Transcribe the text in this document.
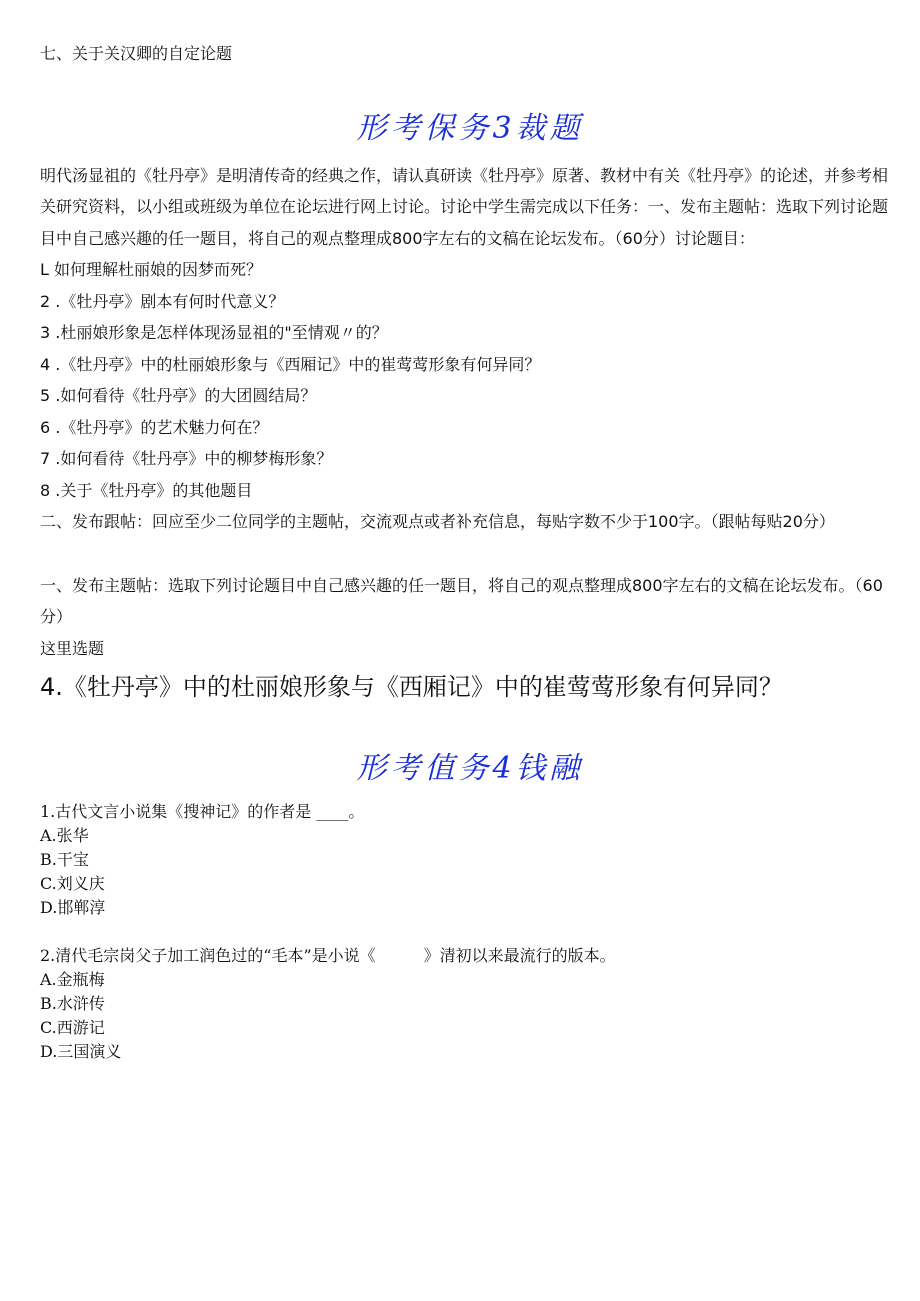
七、关于关汉卿的自定论题
形考保务3裁题
明代汤显祖的《牡丹亭》是明清传奇的经典之作，请认真研读《牡丹亭》原著、教材中有关《牡丹亭》的论述，并参考相关研究资料，以小组或班级为单位在论坛进行网上讨论。讨论中学生需完成以下任务：一、发布主题帖：选取下列讨论题目中自己感兴趣的任一题目，将自己的观点整理成800字左右的文稿在论坛发布。（60分）讨论题目：
L 如何理解杜丽娘的因梦而死？
2 .《牡丹亭》剧本有何时代意义？
3 .杜丽娘形象是怎样体现汤显祖的"至情观〃的？
4 .《牡丹亭》中的杜丽娘形象与《西厢记》中的崔莺莺形象有何异同？
5 .如何看待《牡丹亭》的大团圆结局？
6 .《牡丹亭》的艺术魅力何在？
7 .如何看待《牡丹亭》中的柳梦梅形象？
8 .关于《牡丹亭》的其他题目
二、发布跟帖：回应至少二位同学的主题帖，交流观点或者补充信息，每贴字数不少于100字。（跟帖每贴20分）
一、发布主题帖：选取下列讨论题目中自己感兴趣的任一题目，将自己的观点整理成800字左右的文稿在论坛发布。（60分）
这里选题
4.《牡丹亭》中的杜丽娘形象与《西厢记》中的崔莺莺形象有何异同？
形考值务4钱融
1.古代文言小说集《搜神记》的作者是 ____。
A.张华
B.干宝
C.刘义庆
D.邯郸淳
2.清代毛宗岗父子加工润色过的“毛本”是小说《　　　》清初以来最流行的版本。
A.金瓶梅
B.水浒传
C.西游记
D.三国演义
